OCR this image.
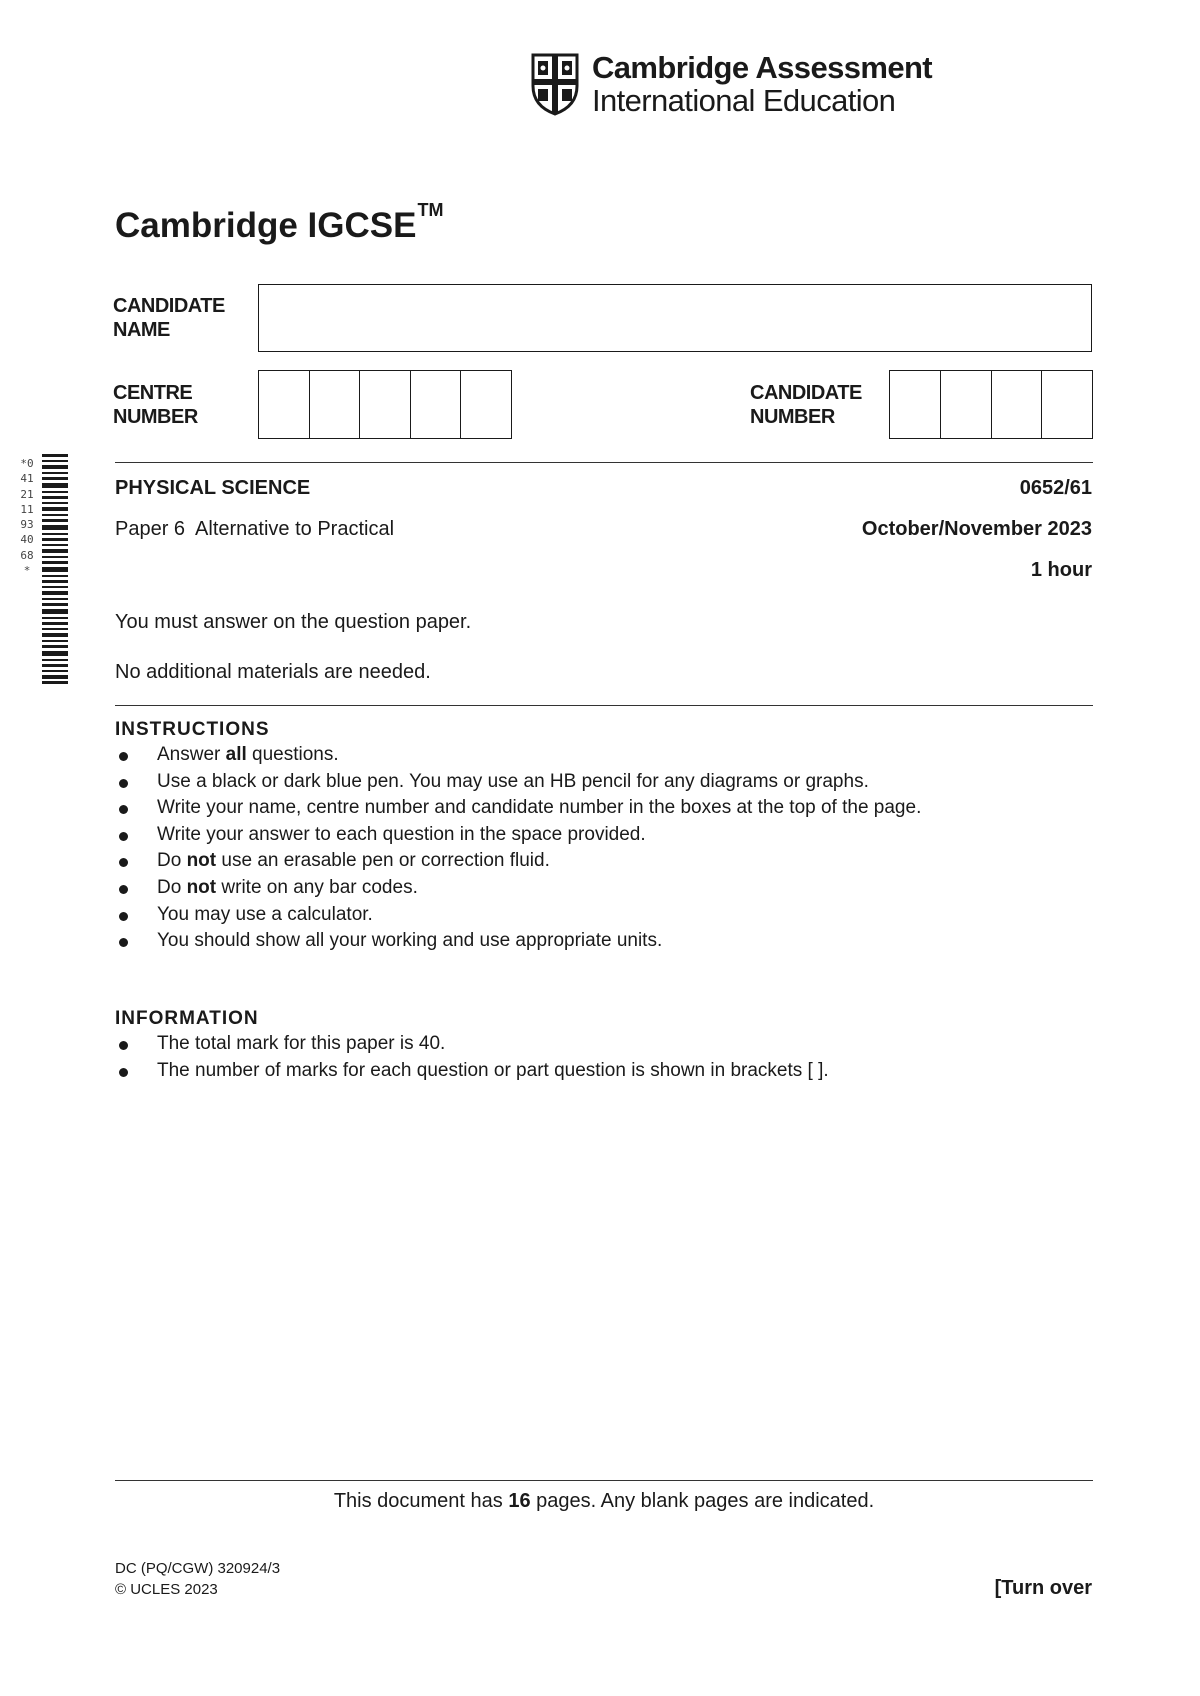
Cambridge Assessment
International Education
Cambridge IGCSE™
CANDIDATE
NAME
CENTRE
NUMBER
CANDIDATE
NUMBER
*0412111934068*
PHYSICAL SCIENCE	0652/61
Paper 6  Alternative to Practical	October/November 2023
1 hour
You must answer on the question paper.
No additional materials are needed.
INSTRUCTIONS
Answer all questions.
Use a black or dark blue pen. You may use an HB pencil for any diagrams or graphs.
Write your name, centre number and candidate number in the boxes at the top of the page.
Write your answer to each question in the space provided.
Do not use an erasable pen or correction fluid.
Do not write on any bar codes.
You may use a calculator.
You should show all your working and use appropriate units.
INFORMATION
The total mark for this paper is 40.
The number of marks for each question or part question is shown in brackets [ ].
This document has 16 pages. Any blank pages are indicated.
DC (PQ/CGW) 320924/3
© UCLES 2023	[Turn over
